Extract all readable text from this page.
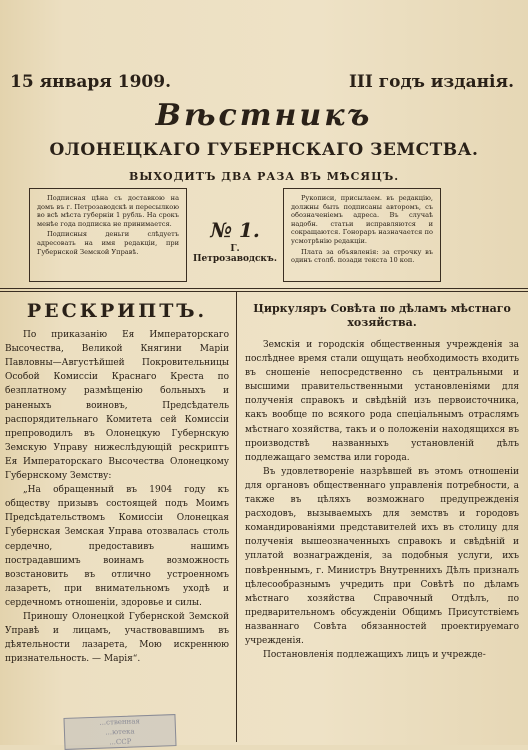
15 января 1909.	III годъ изданія.
Вѣстникъ
ОЛОНЕЦКАГО ГУБЕРНСКАГО ЗЕМСТВА.
ВЫХОДИТЪ ДВА РАЗА ВЪ МѢСЯЦЪ.

Подписная цѣна съ доставкою на домъ въ г. Петрозаводскѣ и пересылкою во всѣ мѣста губерніи 1 рубль. На срокъ менѣе года подписка не принимается.

Подписныя деньги слѣдуетъ адресовать на имя редакціи, при Губернской Земской Управѣ.

№ 1.
Г. Петрозаводскъ.

Рукописи, присылаем. въ редакцію, должны быть подписаны авторомъ, съ обозначеніемъ адреса. Въ случаѣ надобн. статьи исправляются и сокращаются. Гонораръ назначается по усмотрѣнію редакціи.

Плата за объявленія: за строчку въ одинъ столб. позади текста 10 коп.

РЕСКРИПТЪ.

По приказанію Ея Императорскаго Высочества, Великой Княгини Маріи Павловны—Августѣйшей Покровительницы Особой Комиссіи Краснаго Креста по безплатному размѣщенію больныхъ и раненыхъ воиновъ, Предсѣдатель распорядительнаго Комитета сей Комиссіи препроводилъ въ Олонецкую Губернскую Земскую Управу нижеслѣдующій рескриптъ Ея Императорскаго Высочества Олонецкому Губернскому Земству:

„На обращенный въ 1904 году къ обществу призывъ состоящей подъ Моимъ Предсѣдательствомъ Комиссіи Олонецкая Губернская Земская Управа отозвалась столь сердечно, предоставивъ нашимъ пострадавшимъ воинамъ возможность возстановить въ отлично устроенномъ лазаретъ, при внимательномъ уходѣ и сердечномъ отношеніи, здоровье и силы.

Приношу Олонецкой Губернской Земской Управѣ и лицамъ, участвовавшимъ въ дѣятельности лазарета, Мою искреннюю признательность. — Марія“.

Циркуляръ Совѣта по дѣламъ мѣстнаго хозяйства.

Земскія и городскія общественныя учрежденія за послѣднее время стали ощущать необходимость входить въ сношеніе непосредственно съ центральными и высшими правительственными установленіями для полученія справокъ и свѣдѣній изъ первоисточника, какъ вообще по всякого рода спеціальнымъ отраслямъ мѣстнаго хозяйства, такъ и о положеніи находящихся въ производствѣ названныхъ установленій дѣлъ подлежащаго земства или города.

Въ удовлетвореніе назрѣвшей въ этомъ отношеніи для органовъ общественнаго управленія потребности, а также въ цѣляхъ возможнаго предупрежденія расходовъ, вызываемыхъ для земствъ и городовъ командированіями представителей ихъ въ столицу для полученія вышеозначенныхъ справокъ и свѣдѣній и уплатой вознагражденія, за подобныя услуги, ихъ повѣреннымъ, г. Министръ Внутреннихъ Дѣлъ призналъ цѣлесообразнымъ учредить при Совѣтѣ по дѣламъ мѣстнаго хозяйства Справочный Отдѣлъ, по предварительномъ обсужденіи Общимъ Присутствіемъ названнаго Совѣта обязанностей проектируемаго учрежденія.

Постановленія подлежащихъ лицъ и учрежде-

...ственная
...ютека
...ССР
